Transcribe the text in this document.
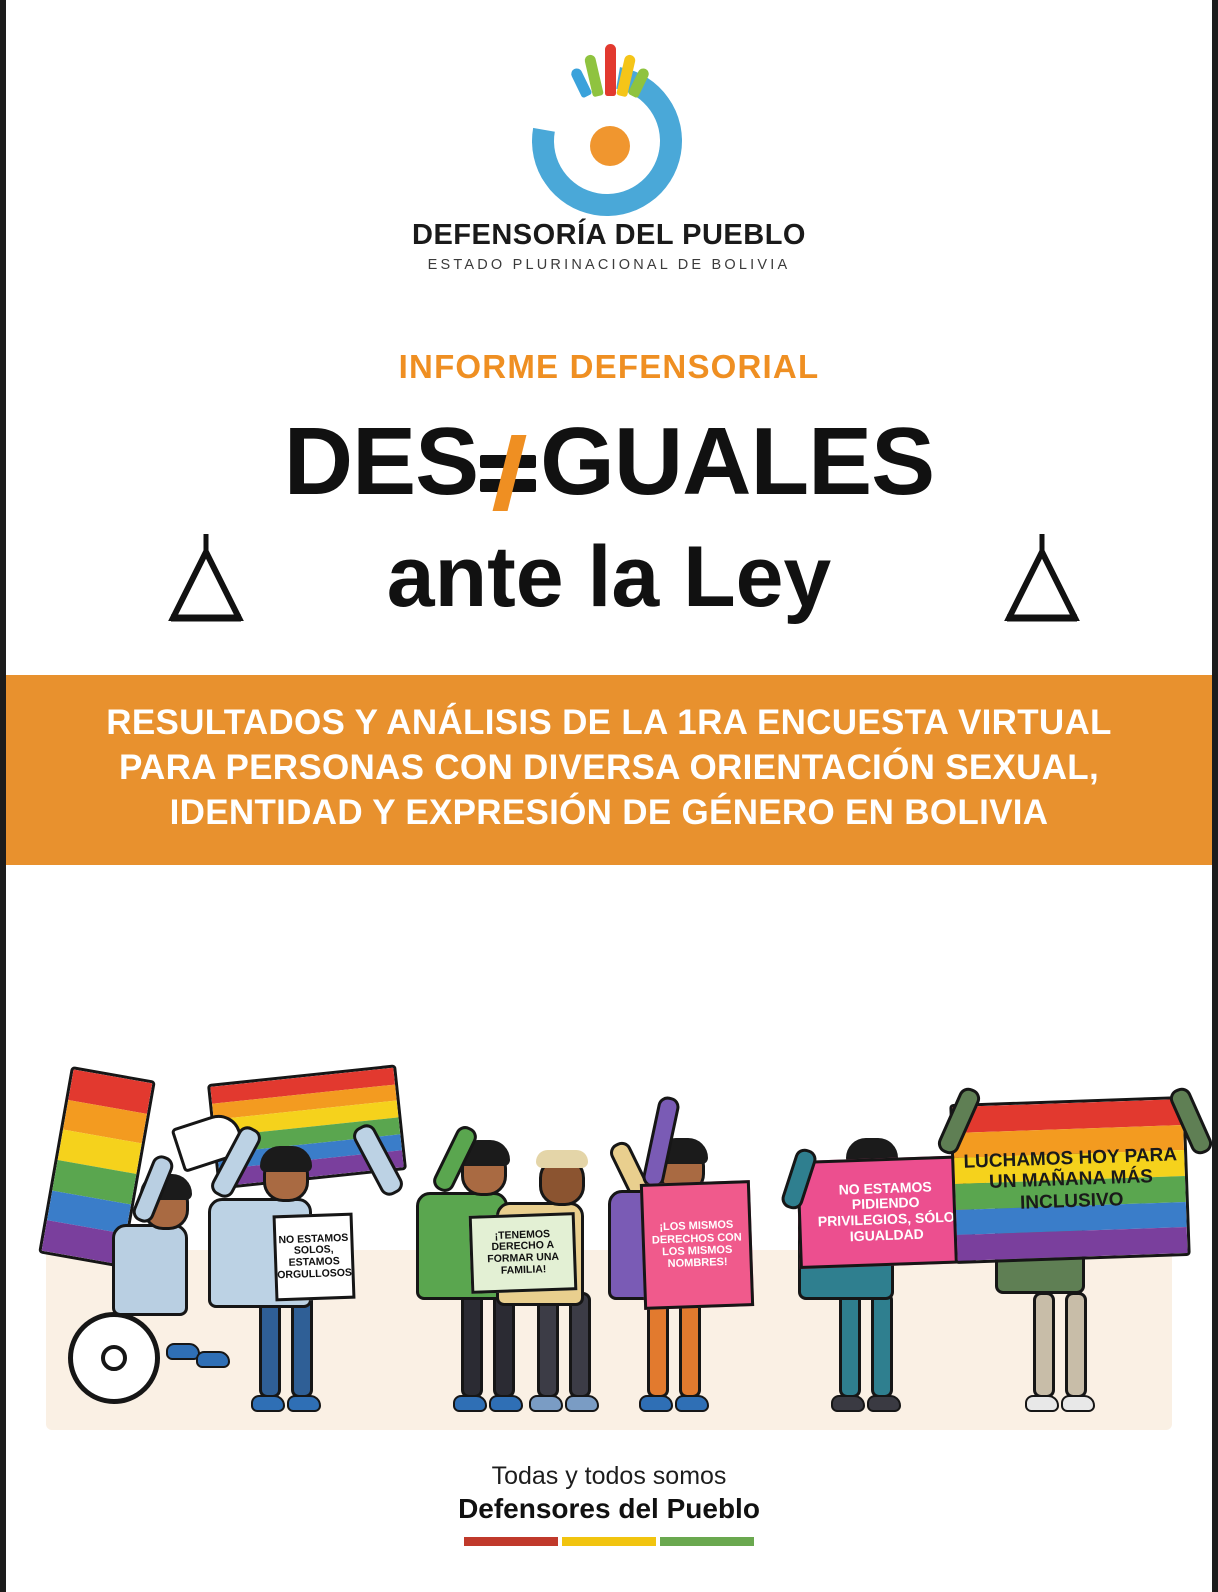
DEFENSORÍA DEL PUEBLO
ESTADO PLURINACIONAL DE BOLIVIA
INFORME DEFENSORIAL
DES GUALES
ante la Ley
RESULTADOS Y ANÁLISIS DE LA 1RA ENCUESTA VIRTUAL PARA PERSONAS CON DIVERSA ORIENTACIÓN SEXUAL, IDENTIDAD Y EXPRESIÓN DE GÉNERO EN BOLIVIA
NO ESTAMOS SOLOS, ESTAMOS ORGULLOSOS
¡TENEMOS DERECHO A FORMAR UNA FAMILIA!
¡LOS MISMOS DERECHOS CON LOS MISMOS NOMBRES!
NO ESTAMOS PIDIENDO PRIVILEGIOS, SÓLO IGUALDAD
LUCHAMOS HOY PARA UN MAÑANA MÁS INCLUSIVO
Todas y todos somos
Defensores del Pueblo
